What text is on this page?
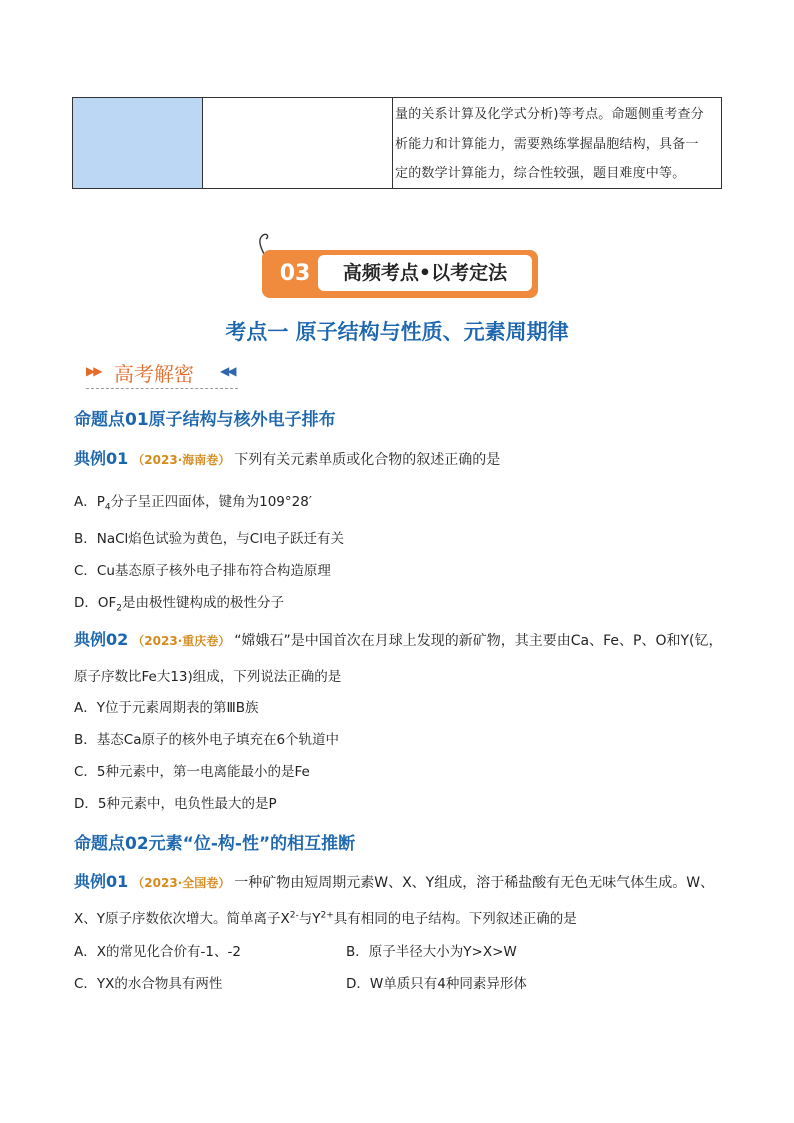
量的关系计算及化学式分析)等考点。命题侧重考查分
析能力和计算能力，需要熟练掌握晶胞结构，具备一
定的数学计算能力，综合性较强，题目难度中等。
03	高频考点•以考定法
考点一 原子结构与性质、元素周期律
▶▶ 高考解密 ◀◀
命题点01原子结构与核外电子排布
典例01 （2023·海南卷） 下列有关元素单质或化合物的叙述正确的是
A．$P_4$分子呈正四面体，键角为109°28′
B．NaCl焰色试验为黄色，与Cl电子跃迁有关
C．Cu基态原子核外电子排布符合构造原理
D．$OF_2$是由极性键构成的极性分子
典例02 （2023·重庆卷） “嫦娥石”是中国首次在月球上发现的新矿物，其主要由Ca、Fe、P、O和Y(钇，
原子序数比Fe大13)组成，下列说法正确的是
A．Y位于元素周期表的第ⅢB族
B．基态Ca原子的核外电子填充在6个轨道中
C．5种元素中，第一电离能最小的是Fe
D．5种元素中，电负性最大的是P
命题点02元素“位-构-性”的相互推断
典例01 （2023·全国卷） 一种矿物由短周期元素W、X、Y组成，溶于稀盐酸有无色无味气体生成。W、
X、Y原子序数依次增大。简单离子$X^{2-}$与$Y^{2+}$具有相同的电子结构。下列叙述正确的是
A．X的常见化合价有-1、-2	B．原子半径大小为Y>X>W
C．YX的水合物具有两性	D．W单质只有4种同素异形体
